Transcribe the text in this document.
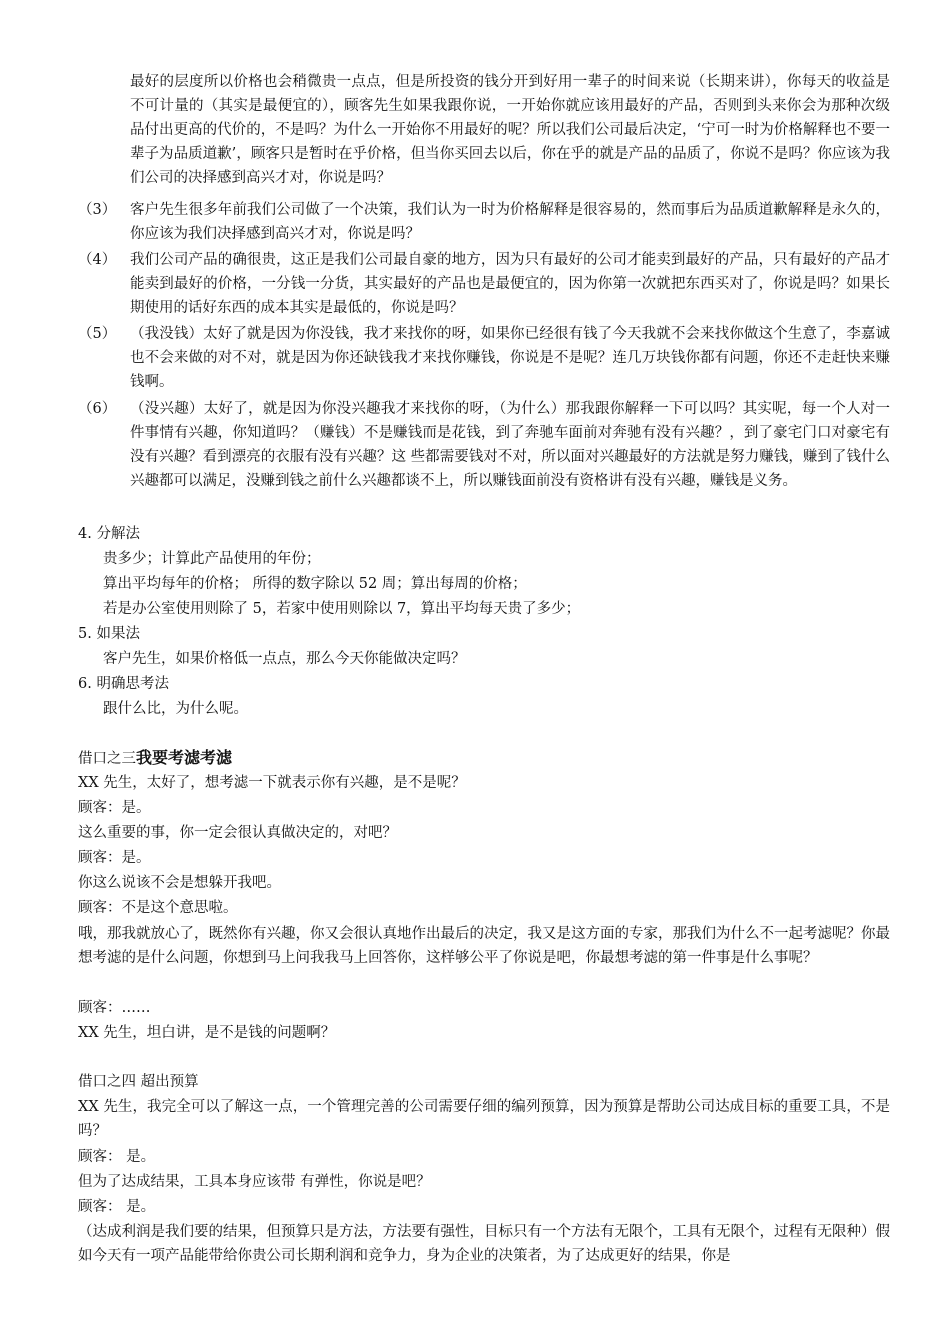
最好的层度所以价格也会稍微贵一点点，但是所投资的钱分开到好用一辈子的时间来说（长期来讲），你每天的收益是不可计量的（其实是最便宜的），顾客先生如果我跟你说，一开始你就应该用最好的产品，否则到头来你会为那种次级品付出更高的代价的，不是吗？为什么一开始你不用最好的呢？所以我们公司最后决定，‘宁可一时为价格解释也不要一辈子为品质道歉’，顾客只是暂时在乎价格，但当你买回去以后，你在乎的就是产品的品质了，你说不是吗？你应该为我们公司的决择感到高兴才对，你说是吗？

（3） 客户先生很多年前我们公司做了一个决策，我们认为一时为价格解释是很容易的，然而事后为品质道歉解释是永久的，你应该为我们决择感到高兴才对，你说是吗？

（4） 我们公司产品的确很贵，这正是我们公司最自豪的地方，因为只有最好的公司才能卖到最好的产品，只有最好的产品才能卖到最好的价格，一分钱一分货，其实最好的产品也是最便宜的，因为你第一次就把东西买对了，你说是吗？如果长期使用的话好东西的成本其实是最低的，你说是吗？

（5） （我没钱）太好了就是因为你没钱，我才来找你的呀，如果你已经很有钱了今天我就不会来找你做这个生意了，李嘉诚也不会来做的对不对，就是因为你还缺钱我才来找你赚钱，你说是不是呢？连几万块钱你都有问题，你还不走赶快来赚钱啊。

（6） （没兴趣）太好了，就是因为你没兴趣我才来找你的呀，（为什么）那我跟你解释一下可以吗？其实呢，每一个人对一件事情有兴趣，你知道吗？（赚钱）不是赚钱而是花钱，到了奔驰车面前对奔驰有没有兴趣？，到了豪宅门口对豪宅有没有兴趣？看到漂亮的衣服有没有兴趣？这 些都需要钱对不对，所以面对兴趣最好的方法就是努力赚钱，赚到了钱什么兴趣都可以满足，没赚到钱之前什么兴趣都谈不上，所以赚钱面前没有资格讲有没有兴趣，赚钱是义务。

4. 分解法

贵多少；计算此产品使用的年份；

算出平均每年的价格； 所得的数字除以 52 周；算出每周的价格；

若是办公室使用则除了 5，若家中使用则除以 7，算出平均每天贵了多少；

5. 如果法

客户先生，如果价格低一点点，那么今天你能做决定吗？

6. 明确思考法

跟什么比，为什么呢。

借口之三我要考滤考滤

XX 先生，太好了，想考滤一下就表示你有兴趣，是不是呢？

顾客：是。

这么重要的事，你一定会很认真做决定的，对吧？

顾客：是。

你这么说该不会是想躲开我吧。

顾客：不是这个意思啦。

哦，那我就放心了，既然你有兴趣，你又会很认真地作出最后的决定，我又是这方面的专家，那我们为什么不一起考滤呢？你最想考滤的是什么问题，你想到马上问我我马上回答你，这样够公平了你说是吧，你最想考滤的第一件事是什么事呢？

顾客：……

XX 先生，坦白讲，是不是钱的问题啊？

借口之四 超出预算

XX 先生，我完全可以了解这一点，一个管理完善的公司需要仔细的编列预算，因为预算是帮助公司达成目标的重要工具，不是吗？

顾客： 是。

但为了达成结果，工具本身应该带 有弹性，你说是吧？

顾客： 是。

（达成利润是我们要的结果，但预算只是方法，方法要有强性，目标只有一个方法有无限个，工具有无限个，过程有无限种）假如今天有一项产品能带给你贵公司长期利润和竞争力，身为企业的决策者，为了达成更好的结果，你是
